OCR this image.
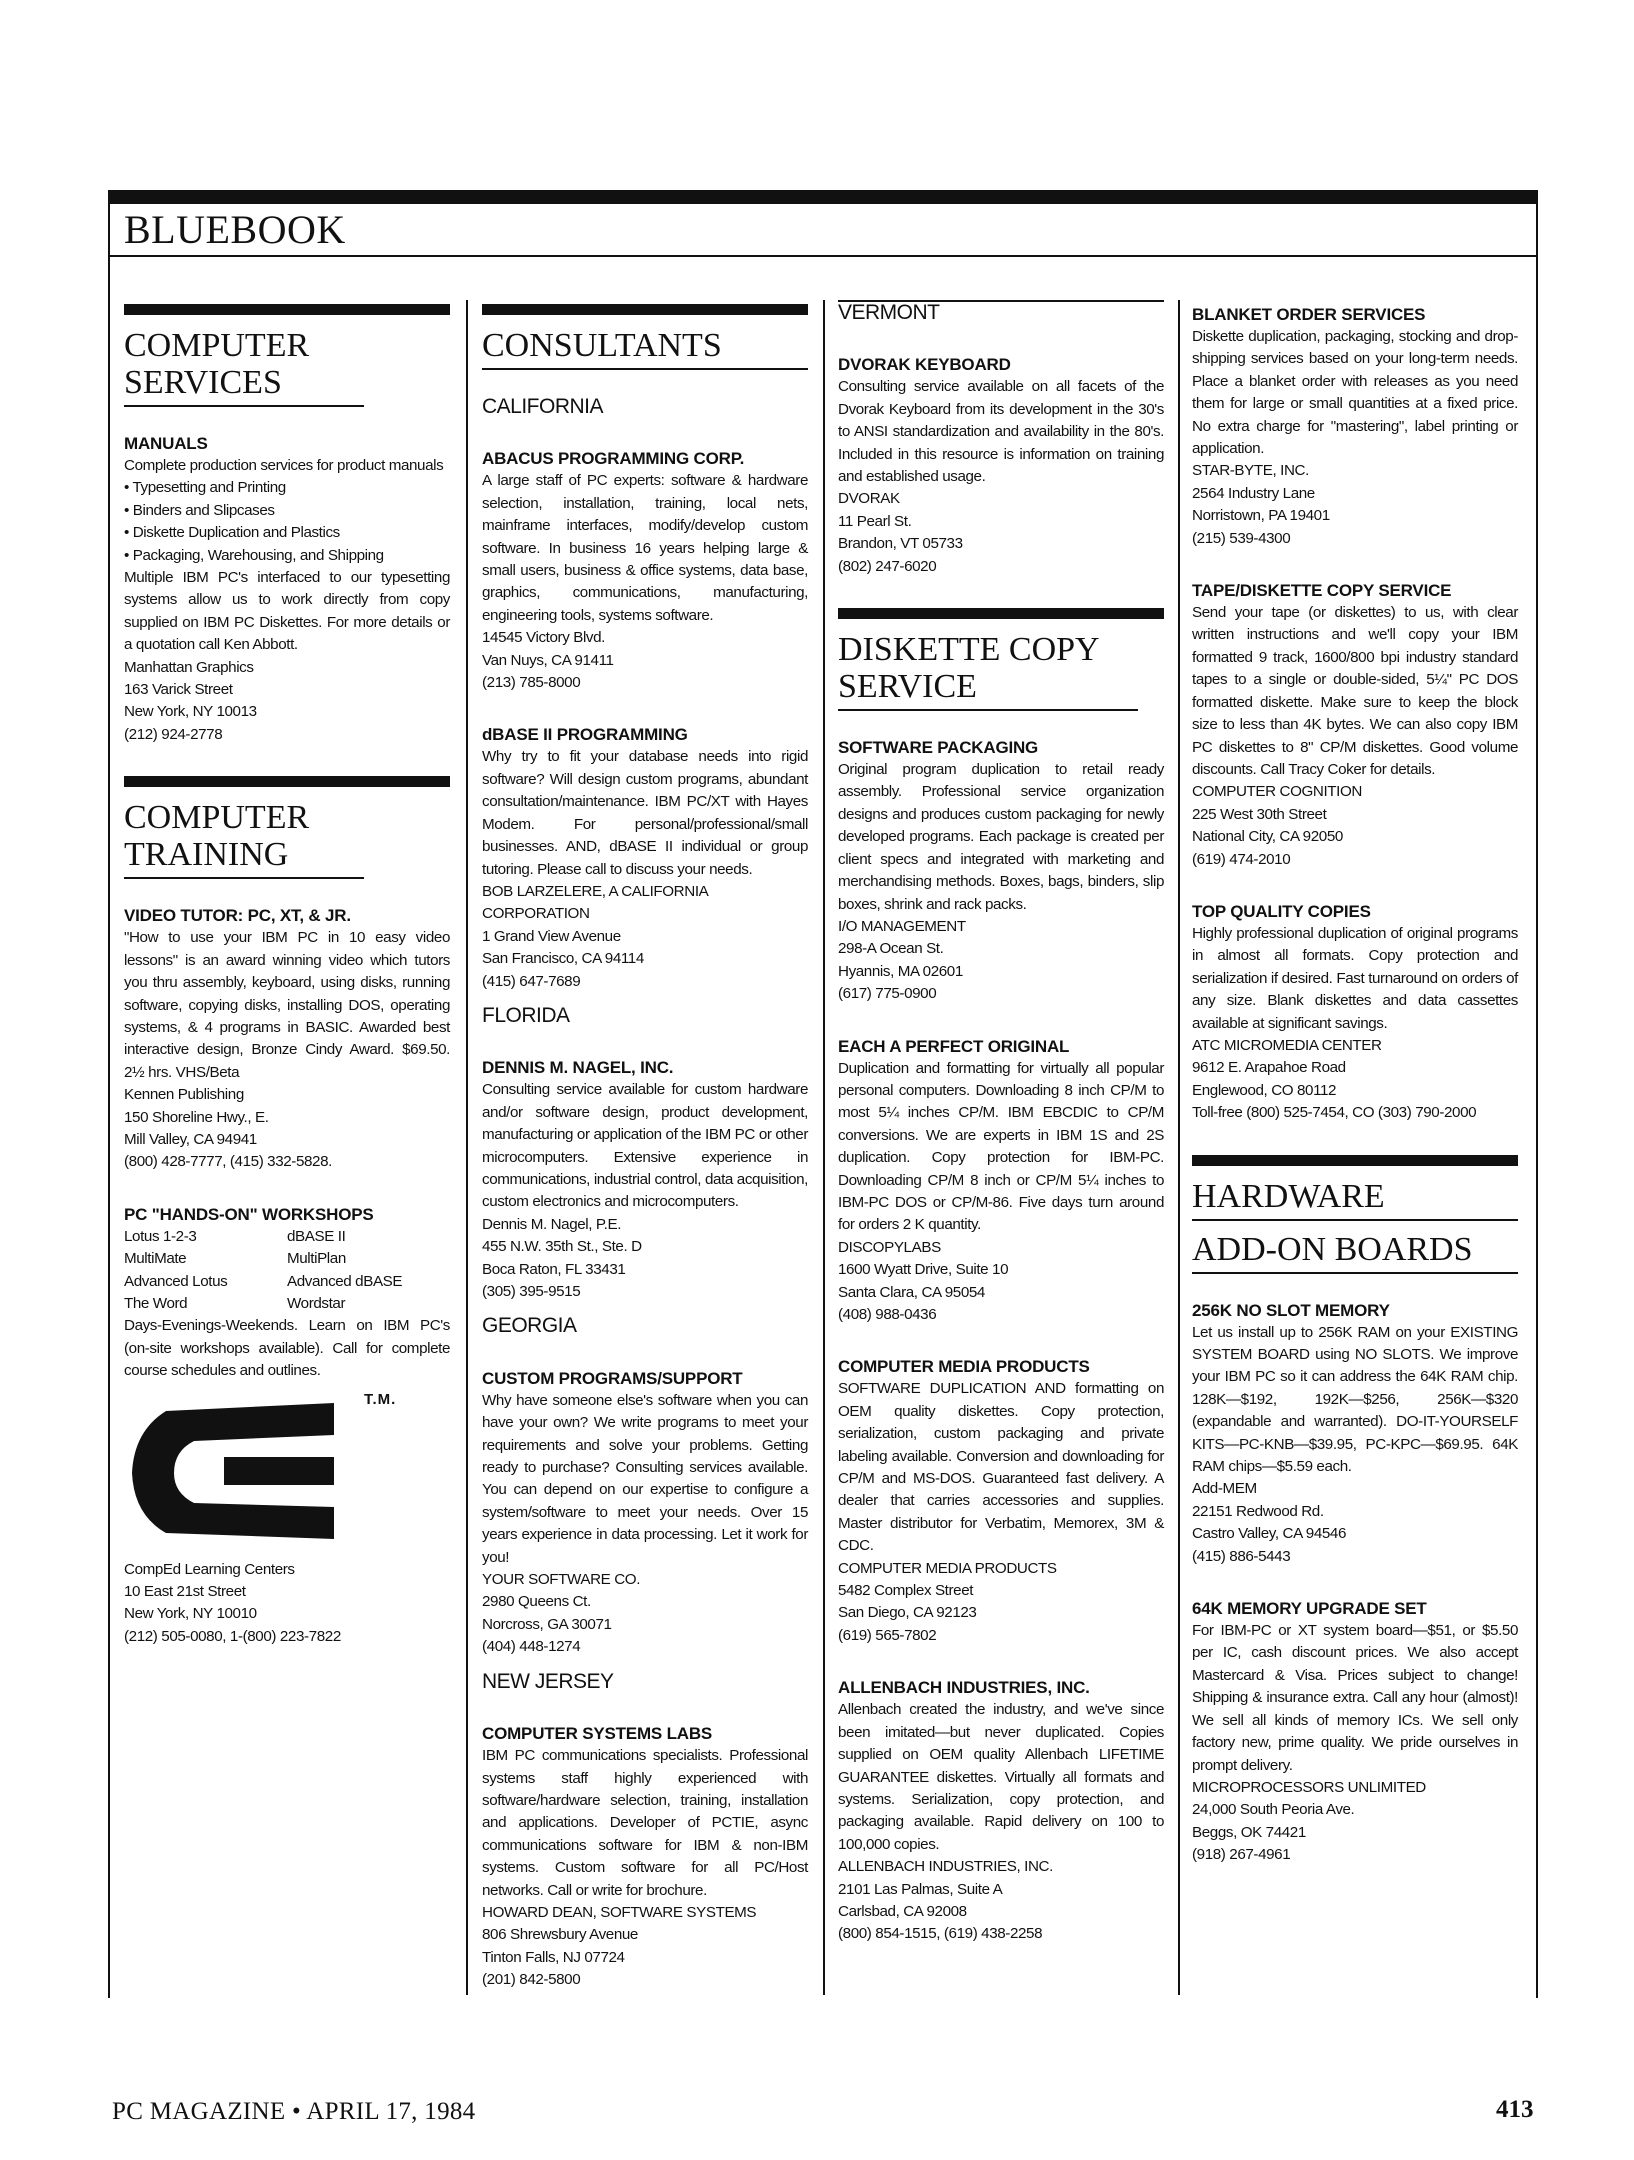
BLUEBOOK
COMPUTER SERVICES
MANUALS
Complete production services for product manuals
• Typesetting and Printing
• Binders and Slipcases
• Diskette Duplication and Plastics
• Packaging, Warehousing, and Shipping
Multiple IBM PC's interfaced to our typesetting systems allow us to work directly from copy supplied on IBM PC Diskettes. For more details or a quotation call Ken Abbott.
Manhattan Graphics
163 Varick Street
New York, NY 10013
(212) 924-2778
COMPUTER TRAINING
VIDEO TUTOR: PC, XT, & JR.
"How to use your IBM PC in 10 easy video lessons" is an award winning video which tutors you thru assembly, keyboard, using disks, running software, copying disks, installing DOS, operating systems, & 4 programs in BASIC. Awarded best interactive design, Bronze Cindy Award. $69.50. 2½ hrs. VHS/Beta
Kennen Publishing
150 Shoreline Hwy., E.
Mill Valley, CA 94941
(800) 428-7777, (415) 332-5828.
PC "HANDS-ON" WORKSHOPS
Lotus 1-2-3
MultiMate
Advanced Lotus
The Word
dBASE II
MultiPlan
Advanced dBASE
Wordstar
Days-Evenings-Weekends. Learn on IBM PC's (on-site workshops available). Call for complete course schedules and outlines.
T.M.
CompEd Learning Centers
10 East 21st Street
New York, NY 10010
(212) 505-0080, 1-(800) 223-7822
CONSULTANTS
CALIFORNIA
ABACUS PROGRAMMING CORP.
A large staff of PC experts: software & hardware selection, installation, training, local nets, mainframe interfaces, modify/develop custom software. In business 16 years helping large & small users, business & office systems, data base, graphics, communications, manufacturing, engineering tools, systems software.
14545 Victory Blvd.
Van Nuys, CA 91411
(213) 785-8000
dBASE II PROGRAMMING
Why try to fit your database needs into rigid software? Will design custom programs, abundant consultation/maintenance. IBM PC/XT with Hayes Modem. For personal/professional/small businesses. AND, dBASE II individual or group tutoring. Please call to discuss your needs.
BOB LARZELERE, A CALIFORNIA CORPORATION
1 Grand View Avenue
San Francisco, CA 94114
(415) 647-7689
FLORIDA
DENNIS M. NAGEL, INC.
Consulting service available for custom hardware and/or software design, product development, manufacturing or application of the IBM PC or other microcomputers. Extensive experience in communications, industrial control, data acquisition, custom electronics and microcomputers.
Dennis M. Nagel, P.E.
455 N.W. 35th St., Ste. D
Boca Raton, FL 33431
(305) 395-9515
GEORGIA
CUSTOM PROGRAMS/SUPPORT
Why have someone else's software when you can have your own? We write programs to meet your requirements and solve your problems. Getting ready to purchase? Consulting services available. You can depend on our expertise to configure a system/software to meet your needs. Over 15 years experience in data processing. Let it work for you!
YOUR SOFTWARE CO.
2980 Queens Ct.
Norcross, GA 30071
(404) 448-1274
NEW JERSEY
COMPUTER SYSTEMS LABS
IBM PC communications specialists. Professional systems staff highly experienced with software/hardware selection, training, installation and applications. Developer of PCTIE, async communications software for IBM & non-IBM systems. Custom software for all PC/Host networks. Call or write for brochure.
HOWARD DEAN, SOFTWARE SYSTEMS
806 Shrewsbury Avenue
Tinton Falls, NJ 07724
(201) 842-5800
VERMONT
DVORAK KEYBOARD
Consulting service available on all facets of the Dvorak Keyboard from its development in the 30's to ANSI standardization and availability in the 80's. Included in this resource is information on training and established usage.
DVORAK
11 Pearl St.
Brandon, VT 05733
(802) 247-6020
DISKETTE COPY SERVICE
SOFTWARE PACKAGING
Original program duplication to retail ready assembly. Professional service organization designs and produces custom packaging for newly developed programs. Each package is created per client specs and integrated with marketing and merchandising methods. Boxes, bags, binders, slip boxes, shrink and rack packs.
I/O MANAGEMENT
298-A Ocean St.
Hyannis, MA 02601
(617) 775-0900
EACH A PERFECT ORIGINAL
Duplication and formatting for virtually all popular personal computers. Downloading 8 inch CP/M to most 5¼ inches CP/M. IBM EBCDIC to CP/M conversions. We are experts in IBM 1S and 2S duplication. Copy protection for IBM-PC. Downloading CP/M 8 inch or CP/M 5¼ inches to IBM-PC DOS or CP/M-86. Five days turn around for orders 2 K quantity.
DISCOPYLABS
1600 Wyatt Drive, Suite 10
Santa Clara, CA 95054
(408) 988-0436
COMPUTER MEDIA PRODUCTS
SOFTWARE DUPLICATION AND formatting on OEM quality diskettes. Copy protection, serialization, custom packaging and private labeling available. Conversion and downloading for CP/M and MS-DOS. Guaranteed fast delivery. A dealer that carries accessories and supplies. Master distributor for Verbatim, Memorex, 3M & CDC.
COMPUTER MEDIA PRODUCTS
5482 Complex Street
San Diego, CA 92123
(619) 565-7802
ALLENBACH INDUSTRIES, INC.
Allenbach created the industry, and we've since been imitated—but never duplicated. Copies supplied on OEM quality Allenbach LIFETIME GUARANTEE diskettes. Virtually all formats and systems. Serialization, copy protection, and packaging available. Rapid delivery on 100 to 100,000 copies.
ALLENBACH INDUSTRIES, INC.
2101 Las Palmas, Suite A
Carlsbad, CA 92008
(800) 854-1515, (619) 438-2258
BLANKET ORDER SERVICES
Diskette duplication, packaging, stocking and drop-shipping services based on your long-term needs. Place a blanket order with releases as you need them for large or small quantities at a fixed price. No extra charge for "mastering", label printing or application.
STAR-BYTE, INC.
2564 Industry Lane
Norristown, PA 19401
(215) 539-4300
TAPE/DISKETTE COPY SERVICE
Send your tape (or diskettes) to us, with clear written instructions and we'll copy your IBM formatted 9 track, 1600/800 bpi industry standard tapes to a single or double-sided, 5¼" PC DOS formatted diskette. Make sure to keep the block size to less than 4K bytes. We can also copy IBM PC diskettes to 8" CP/M diskettes. Good volume discounts. Call Tracy Coker for details.
COMPUTER COGNITION
225 West 30th Street
National City, CA 92050
(619) 474-2010
TOP QUALITY COPIES
Highly professional duplication of original programs in almost all formats. Copy protection and serialization if desired. Fast turnaround on orders of any size. Blank diskettes and data cassettes available at significant savings.
ATC MICROMEDIA CENTER
9612 E. Arapahoe Road
Englewood, CO 80112
Toll-free (800) 525-7454, CO (303) 790-2000
HARDWARE
ADD-ON BOARDS
256K NO SLOT MEMORY
Let us install up to 256K RAM on your EXISTING SYSTEM BOARD using NO SLOTS. We improve your IBM PC so it can address the 64K RAM chip. 128K—$192, 192K—$256, 256K—$320 (expandable and warranted). DO-IT-YOURSELF KITS—PC-KNB—$39.95, PC-KPC—$69.95. 64K RAM chips—$5.59 each.
Add-MEM
22151 Redwood Rd.
Castro Valley, CA 94546
(415) 886-5443
64K MEMORY UPGRADE SET
For IBM-PC or XT system board—$51, or $5.50 per IC, cash discount prices. We also accept Mastercard & Visa. Prices subject to change! Shipping & insurance extra. Call any hour (almost)! We sell all kinds of memory ICs. We sell only factory new, prime quality. We pride ourselves in prompt delivery.
MICROPROCESSORS UNLIMITED
24,000 South Peoria Ave.
Beggs, OK 74421
(918) 267-4961
PC MAGAZINE • APRIL 17, 1984	413
